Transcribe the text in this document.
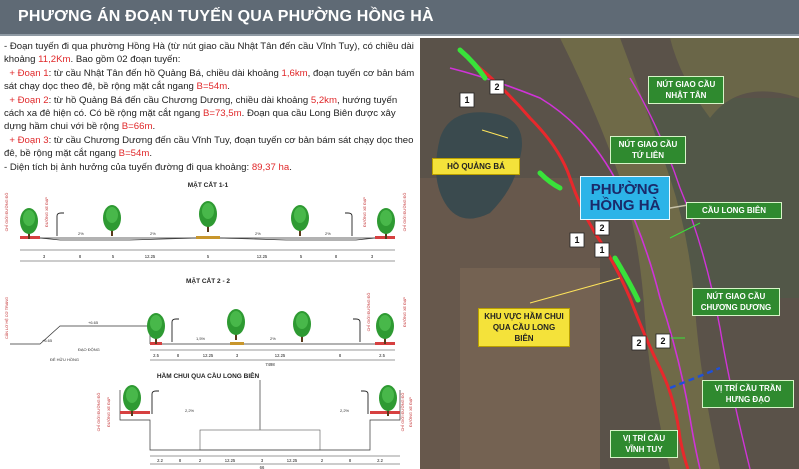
PHƯƠNG ÁN ĐOẠN TUYẾN QUA PHƯỜNG HỒNG HÀ

- Đoạn tuyến đi qua phường Hồng Hà (từ nút giao cầu Nhật Tân đến cầu Vĩnh Tuy), có chiều dài khoảng 11,2Km. Bao gồm 02 đoạn tuyến:

+ Đoạn 1: từ cầu Nhật Tân đến hồ Quảng Bá, chiều dài khoảng 1,6km, đoạn tuyến cơ bản bám sát chạy dọc theo đê, bề rộng mặt cắt ngang B=54m.

+ Đoạn 2: từ hồ Quảng Bá đến cầu Chương Dương, chiều dài khoảng 5,2km, hướng tuyến cách xa đê hiện có. Có bề rộng mặt cắt ngang B=73,5m. Đoạn qua cầu Long Biên được xây dựng hầm chui với bề rộng B=66m.

+ Đoạn 3: từ cầu Chương Dương đến cầu Vĩnh Tuy, đoạn tuyến cơ bản bám sát chạy dọc theo đê, bề rộng mặt cắt ngang B=54m.

- Diện tích bị ảnh hưởng của tuyến đường đi qua khoảng: 89,37 ha.

MẶT CẮT 1-1
CHỈ GIỚI ĐƯỜNG ĐỎ	ĐƯỜNG XE ĐẠP	ĐƯỜNG XE ĐẠP	CHỈ GIỚI ĐƯỜNG ĐỎ
2%	2%	2%	2%
3	8	5	12.25	5	12.25	5	8	3
MẶT CẮT 2 - 2
CÂN LƠ HỆ CƠ TRANG	CHỈ GIỚI ĐƯỜNG ĐỎ	ĐƯỜNG XE ĐẠP
+6.65
+6.65
ĐẠO ĐỘNG
ĐÊ HỮU HỒNG
1,5%	2%
2.5	8	12.25	3	12.25	8	2.5
7498
HẦM CHUI QUA CẦU LONG BIÊN
CHỈ GIỚI ĐƯỜNG ĐỎ ĐƯỜNG XE ĐẠP	CHỈ GIỚI ĐƯỜNG ĐỎ ĐƯỜNG XE ĐẠP
2,2%	2,2%
2.2	8	2	12.25	3	12.25	2	8	2.2
66
1
2
2
1
1
2 2
NÚT GIAO CẦU
NHẬT TÂN
NÚT GIAO CẦU
TỨ LIÊN
HỒ QUẢNG BÁ
PHƯỜNG
HỒNG HÀ	CẦU LONG BIÊN
KHU VỰC HẦM CHUI
QUA CẦU LONG BIÊN
NÚT GIAO CẦU
CHƯƠNG DƯƠNG
VỊ TRÍ CẦU TRẦN
HƯNG ĐẠO
VỊ TRÍ CẦU
VĨNH TUY
